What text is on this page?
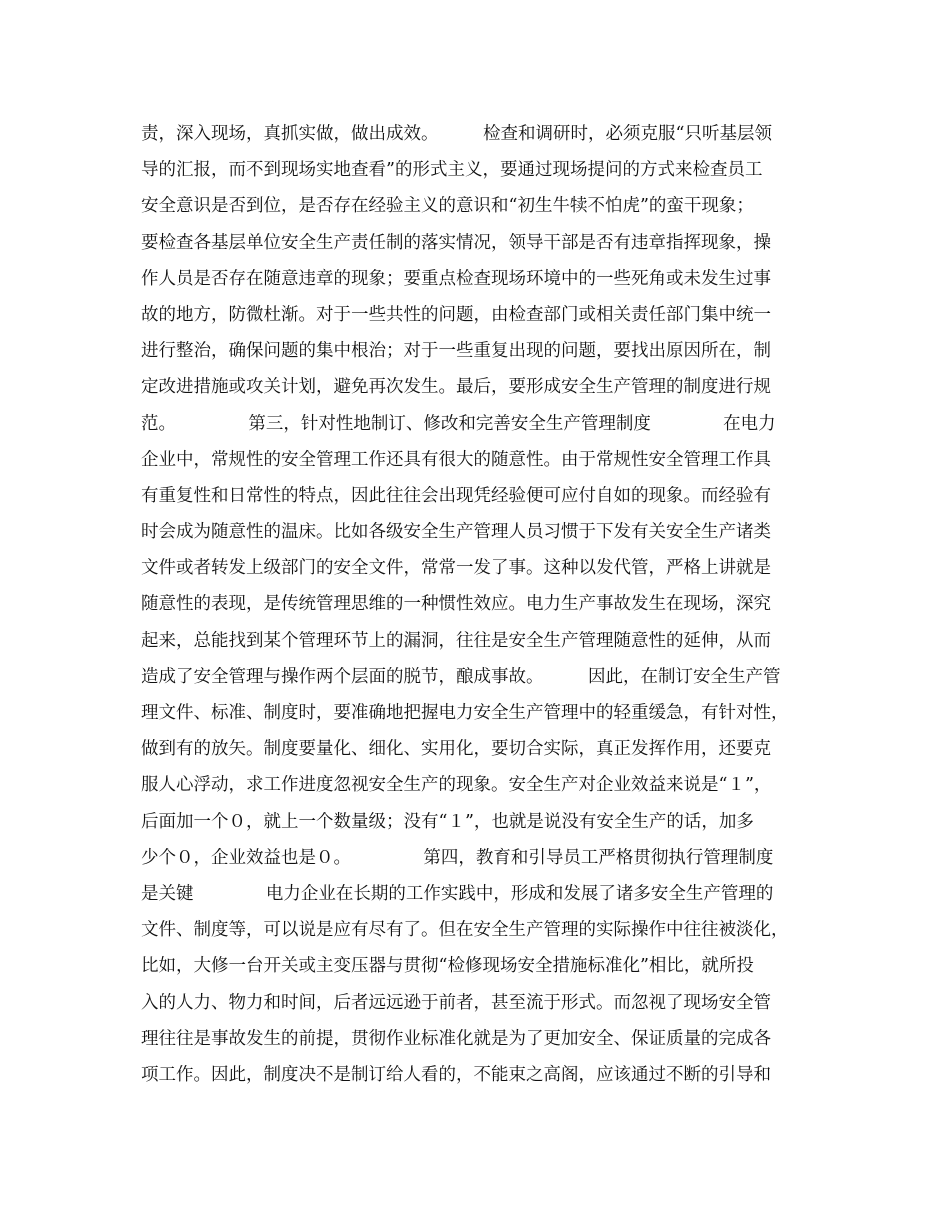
责，深入现场，真抓实做，做出成效。        检查和调研时，必须克服“只听基层领
导的汇报，而不到现场实地查看”的形式主义，要通过现场提问的方式来检查员工
安全意识是否到位，是否存在经验主义的意识和“初生牛犊不怕虎”的蛮干现象；
要检查各基层单位安全生产责任制的落实情况，领导干部是否有违章指挥现象，操
作人员是否存在随意违章的现象；要重点检查现场环境中的一些死角或未发生过事
故的地方，防微杜渐。对于一些共性的问题，由检查部门或相关责任部门集中统一
进行整治，确保问题的集中根治；对于一些重复出现的问题，要找出原因所在，制
定改进措施或攻关计划，避免再次发生。最后，要形成安全生产管理的制度进行规
范。             第三，针对性地制订、修改和完善安全生产管理制度             在电力
企业中，常规性的安全管理工作还具有很大的随意性。由于常规性安全管理工作具
有重复性和日常性的特点，因此往往会出现凭经验便可应付自如的现象。而经验有
时会成为随意性的温床。比如各级安全生产管理人员习惯于下发有关安全生产诸类
文件或者转发上级部门的安全文件，常常一发了事。这种以发代管，严格上讲就是
随意性的表现，是传统管理思维的一种惯性效应。电力生产事故发生在现场，深究
起来，总能找到某个管理环节上的漏洞，往往是安全生产管理随意性的延伸，从而
造成了安全管理与操作两个层面的脱节，酿成事故。        因此，在制订安全生产管
理文件、标准、制度时，要准确地把握电力安全生产管理中的轻重缓急，有针对性，
做到有的放矢。制度要量化、细化、实用化，要切合实际，真正发挥作用，还要克
服人心浮动，求工作进度忽视安全生产的现象。安全生产对企业效益来说是“１”，
后面加一个０，就上一个数量级；没有“１”，也就是说没有安全生产的话，加多
少个０，企业效益也是０。             第四，教育和引导员工严格贯彻执行管理制度
是关键             电力企业在长期的工作实践中，形成和发展了诸多安全生产管理的
文件、制度等，可以说是应有尽有了。但在安全生产管理的实际操作中往往被淡化，
比如，大修一台开关或主变压器与贯彻“检修现场安全措施标准化”相比，就所投
入的人力、物力和时间，后者远远逊于前者，甚至流于形式。而忽视了现场安全管
理往往是事故发生的前提，贯彻作业标准化就是为了更加安全、保证质量的完成各
项工作。因此，制度决不是制订给人看的，不能束之高阁，应该通过不断的引导和
